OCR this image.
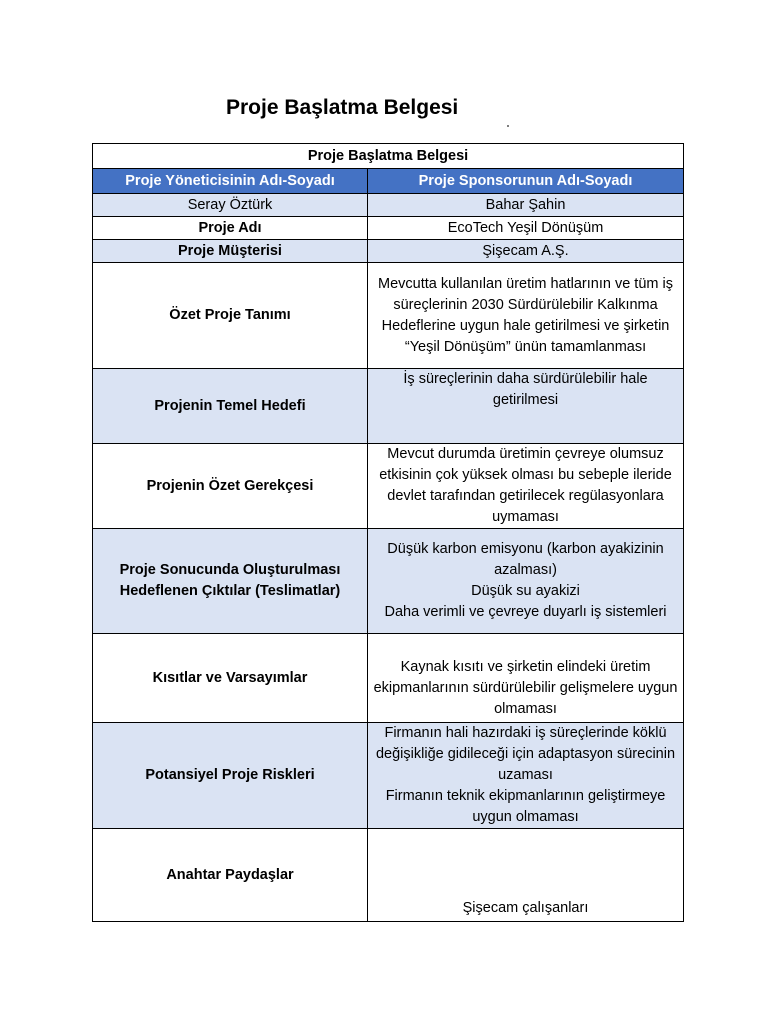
Proje Başlatma Belgesi
Proje Başlatma Belgesi	
Proje Yöneticisinin Adı-Soyadı	Proje Sponsorunun Adı-Soyadı
Seray Öztürk	Bahar Şahin
Proje Adı	EcoTech Yeşil Dönüşüm
Proje Müşterisi	Şişecam A.Ş.
Özet Proje Tanımı	Mevcutta kullanılan üretim hatlarının ve tüm iş süreçlerinin 2030 Sürdürülebilir Kalkınma Hedeflerine uygun hale getirilmesi ve şirketin “Yeşil Dönüşüm” ünün tamamlanması
Projenin Temel Hedefi	İş süreçlerinin daha sürdürülebilir hale getirilmesi
Projenin Özet Gerekçesi	Mevcut durumda üretimin çevreye olumsuz etkisinin çok yüksek olması bu sebeple ileride devlet tarafından getirilecek regülasyonlara uymaması
Proje Sonucunda Oluşturulması Hedeflenen Çıktılar (Teslimatlar)	Düşük karbon emisyonu (karbon ayakizinin azalması)
Düşük su ayakizi
Daha verimli ve çevreye duyarlı iş sistemleri

Kısıtlar ve Varsayımlar	Kaynak kısıtı ve şirketin elindeki üretim ekipmanlarının sürdürülebilir gelişmelere uygun olmaması
Potansiyel Proje Riskleri	Firmanın hali hazırdaki iş süreçlerinde köklü değişikliğe gidileceği için adaptasyon sürecinin uzaması
Firmanın teknik ekipmanlarının geliştirmeye uygun olmaması

Anahtar Paydaşlar	Şişecam çalışanları
